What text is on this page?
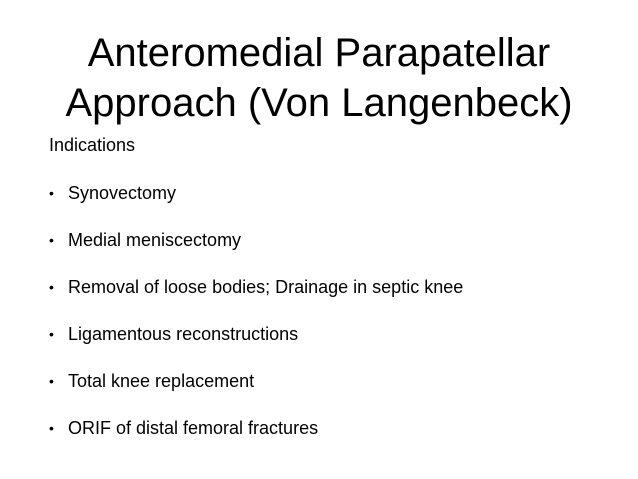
Anteromedial Parapatellar
Approach (Von Langenbeck)

Indications

• Synovectomy
• Medial meniscectomy
• Removal of loose bodies; Drainage in septic knee
• Ligamentous reconstructions
• Total knee replacement
• ORIF of distal femoral fractures
